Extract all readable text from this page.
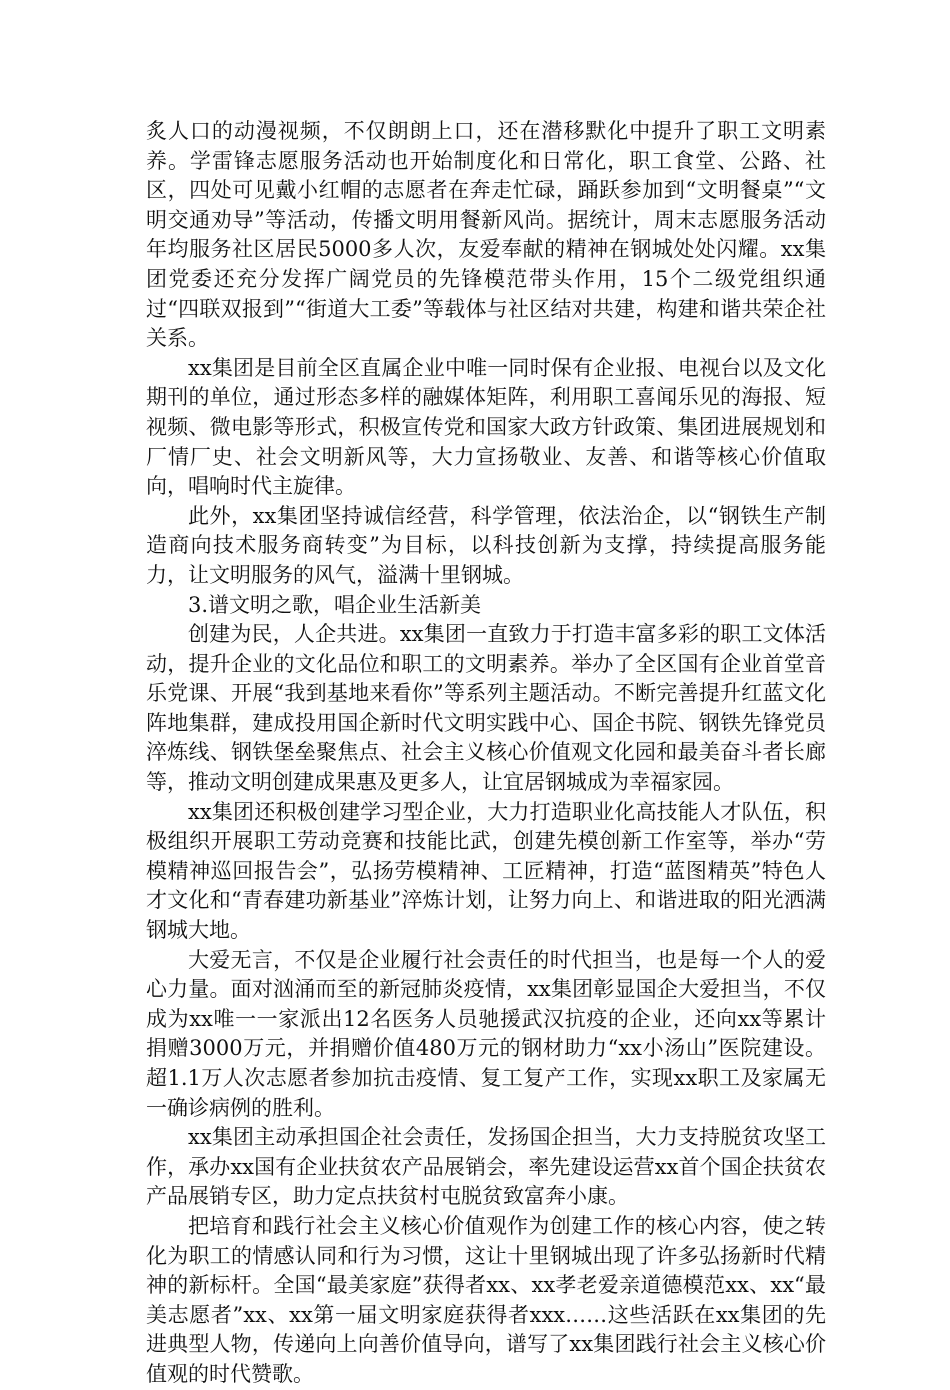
炙人口的动漫视频，不仅朗朗上口，还在潜移默化中提升了职工文明素养。学雷锋志愿服务活动也开始制度化和日常化，职工食堂、公路、社区，四处可见戴小红帽的志愿者在奔走忙碌，踊跃参加到“文明餐桌”“文明交通劝导”等活动，传播文明用餐新风尚。据统计，周末志愿服务活动年均服务社区居民5000多人次，友爱奉献的精神在钢城处处闪耀。xx集团党委还充分发挥广阔党员的先锋模范带头作用，15个二级党组织通过“四联双报到”“街道大工委”等载体与社区结对共建，构建和谐共荣企社关系。

xx集团是目前全区直属企业中唯一同时保有企业报、电视台以及文化期刊的单位，通过形态多样的融媒体矩阵，利用职工喜闻乐见的海报、短视频、微电影等形式，积极宣传党和国家大政方针政策、集团进展规划和厂情厂史、社会文明新风等，大力宣扬敬业、友善、和谐等核心价值取向，唱响时代主旋律。

此外，xx集团坚持诚信经营，科学管理，依法治企，以“钢铁生产制造商向技术服务商转变”为目标，以科技创新为支撑，持续提高服务能力，让文明服务的风气，溢满十里钢城。

3.谱文明之歌，唱企业生活新美

创建为民，人企共进。xx集团一直致力于打造丰富多彩的职工文体活动，提升企业的文化品位和职工的文明素养。举办了全区国有企业首堂音乐党课、开展“我到基地来看你”等系列主题活动。不断完善提升红蓝文化阵地集群，建成投用国企新时代文明实践中心、国企书院、钢铁先锋党员淬炼线、钢铁堡垒聚焦点、社会主义核心价值观文化园和最美奋斗者长廊等，推动文明创建成果惠及更多人，让宜居钢城成为幸福家园。

xx集团还积极创建学习型企业，大力打造职业化高技能人才队伍，积极组织开展职工劳动竞赛和技能比武，创建先模创新工作室等，举办“劳模精神巡回报告会”，弘扬劳模精神、工匠精神，打造“蓝图精英”特色人才文化和“青春建功新基业”淬炼计划，让努力向上、和谐进取的阳光洒满钢城大地。

大爱无言，不仅是企业履行社会责任的时代担当，也是每一个人的爱心力量。面对汹涌而至的新冠肺炎疫情，xx集团彰显国企大爱担当，不仅成为xx唯一一家派出12名医务人员驰援武汉抗疫的企业，还向xx等累计捐赠3000万元，并捐赠价值480万元的钢材助力“xx小汤山”医院建设。超1.1万人次志愿者参加抗击疫情、复工复产工作，实现xx职工及家属无一确诊病例的胜利。

xx集团主动承担国企社会责任，发扬国企担当，大力支持脱贫攻坚工作，承办xx国有企业扶贫农产品展销会，率先建设运营xx首个国企扶贫农产品展销专区，助力定点扶贫村屯脱贫致富奔小康。

把培育和践行社会主义核心价值观作为创建工作的核心内容，使之转化为职工的情感认同和行为习惯，这让十里钢城出现了许多弘扬新时代精神的新标杆。全国“最美家庭”获得者xx、xx孝老爱亲道德模范xx、xx“最美志愿者”xx、xx第一届文明家庭获得者xxx……这些活跃在xx集团的先进典型人物，传递向上向善价值导向，谱写了xx集团践行社会主义核心价值观的时代赞歌。
